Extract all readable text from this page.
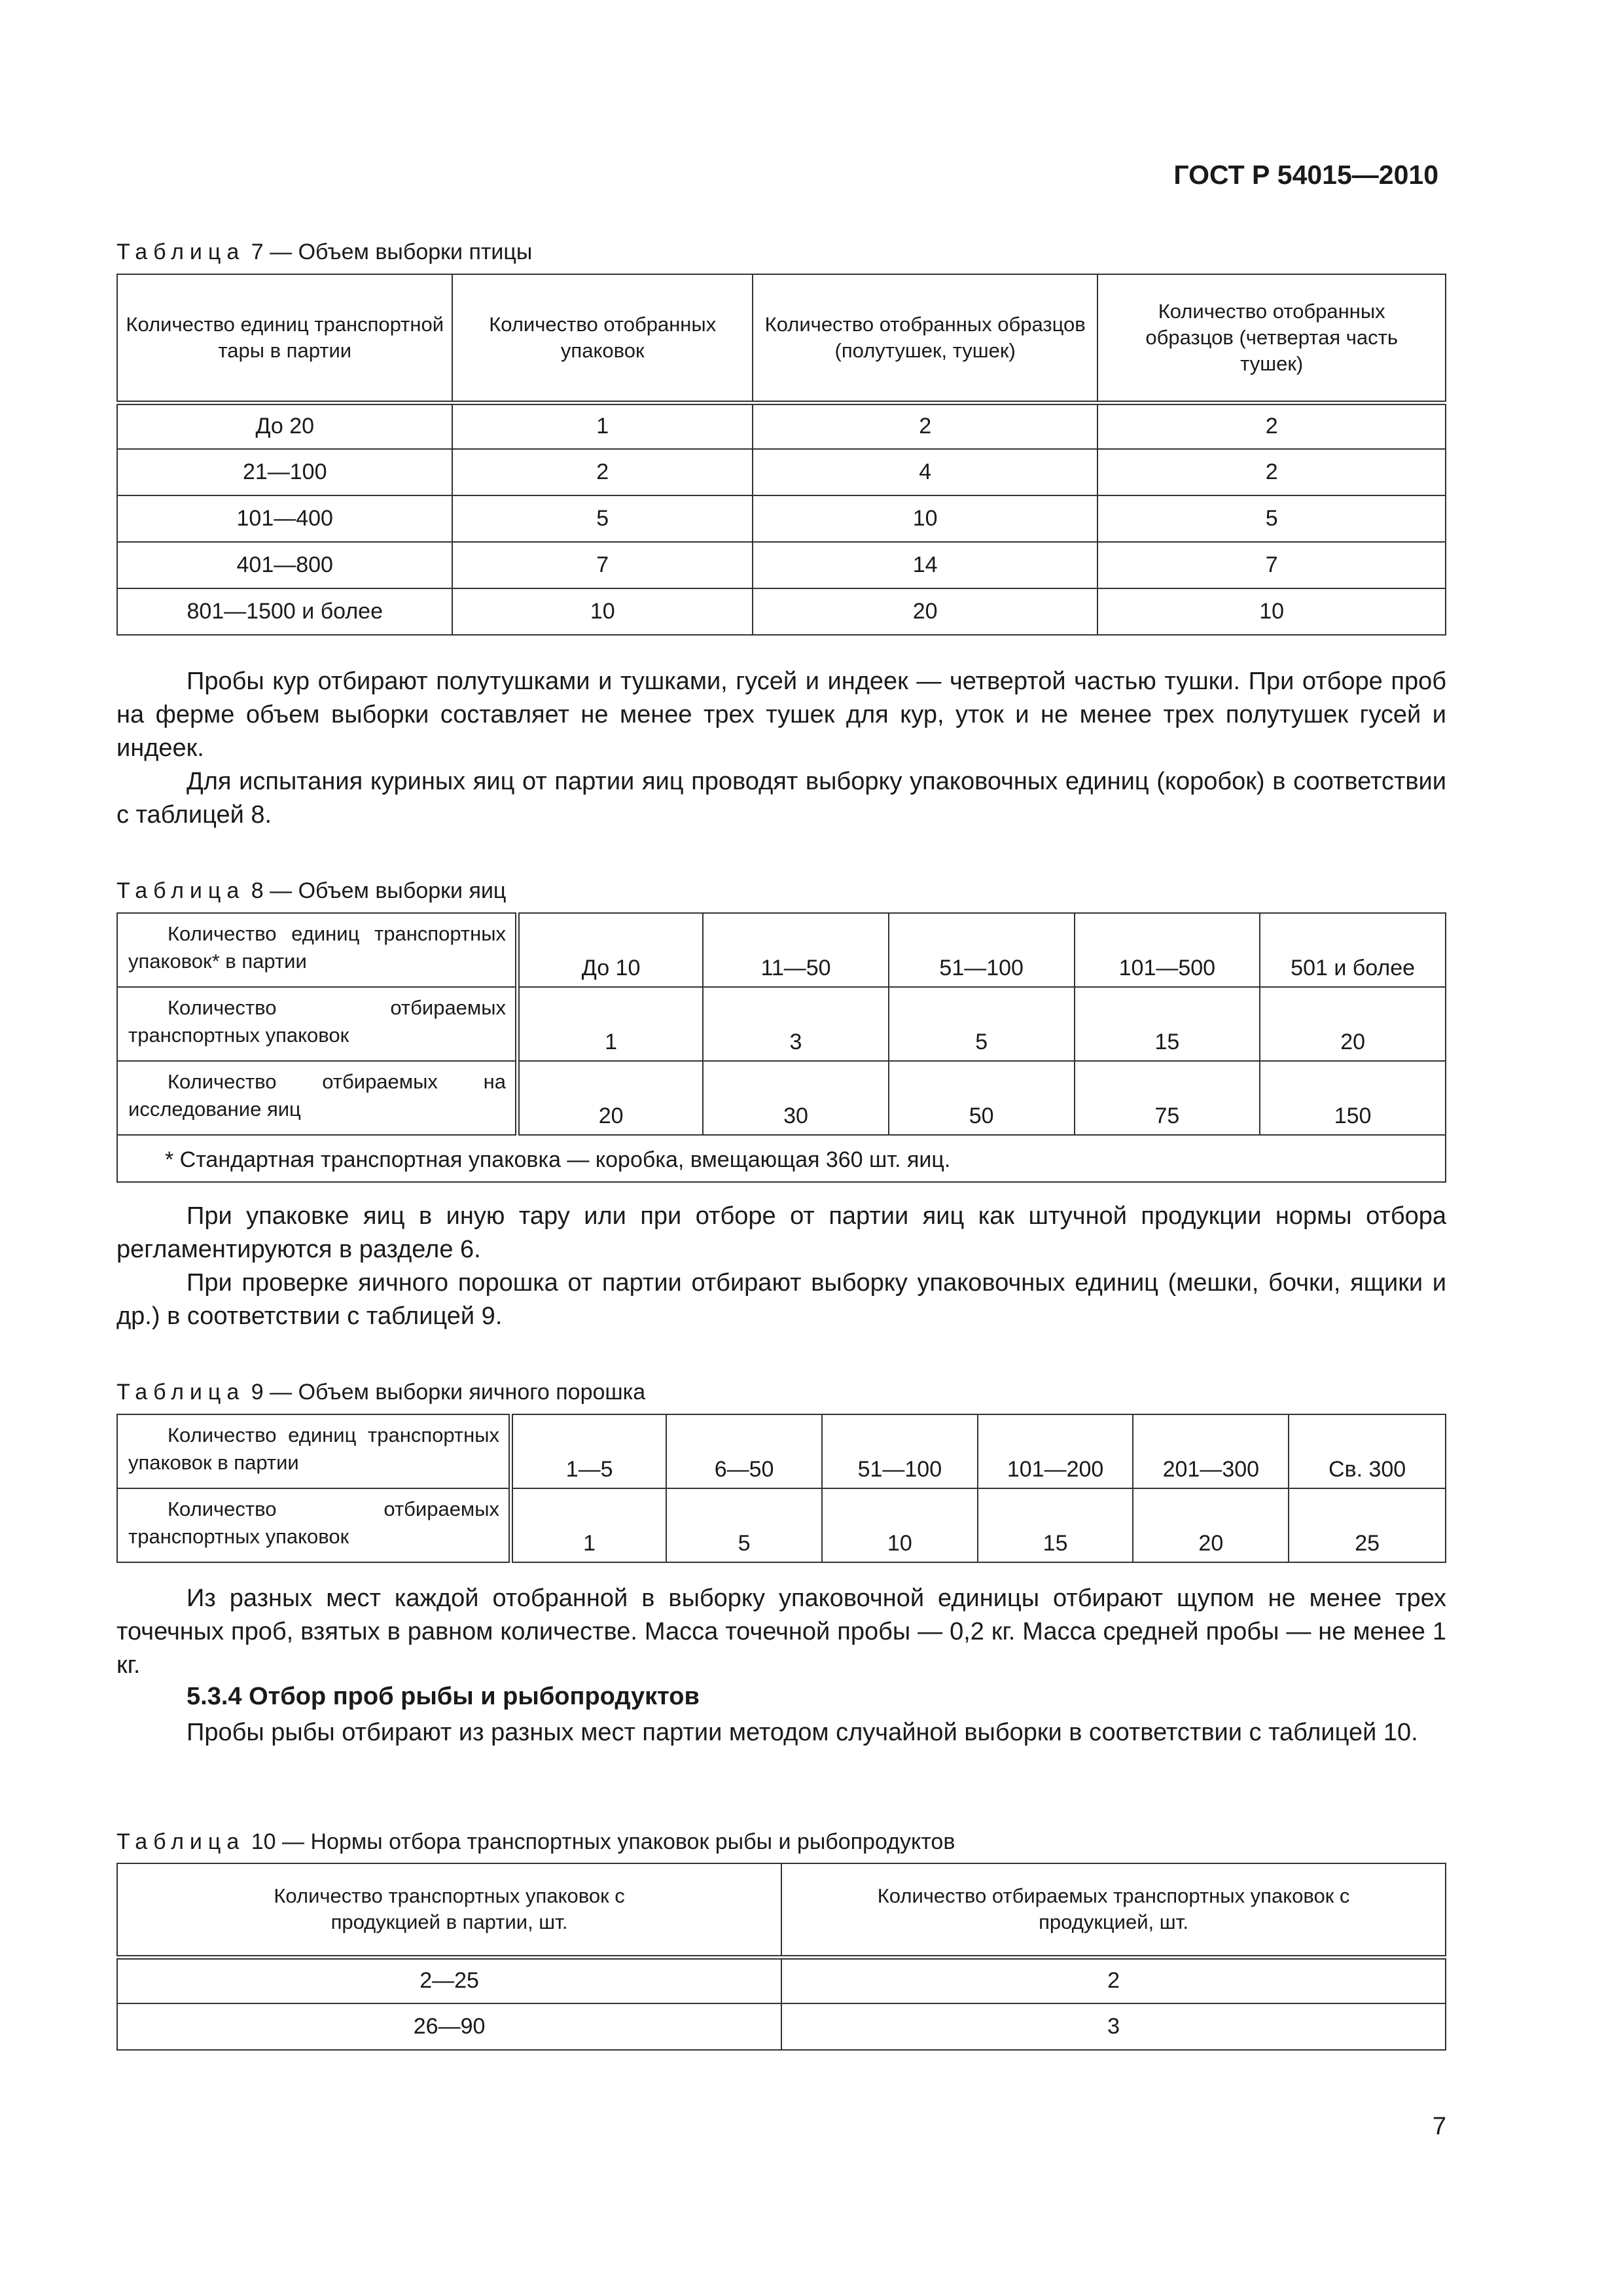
ГОСТ Р 54015—2010
Таблица 7 — Объем выборки птицы
Количество единиц транспортной тары в партии	Количество отобранных упаковок	Количество отобранных образцов (полутушек, тушек)	Количество отобранных образцов (четвертая часть тушек)
До 20	1	2	2
21—100	2	4	2
101—400	5	10	5
401—800	7	14	7
801—1500 и более	10	20	10

Пробы кур отбирают полутушками и тушками, гусей и индеек — четвертой частью тушки. При отборе проб на ферме объем выборки составляет не менее трех тушек для кур, уток и не менее трех полутушек гусей и индеек.

Для испытания куриных яиц от партии яиц проводят выборку упаковочных единиц (коробок) в соответствии с таблицей 8.

Таблица 8 — Объем выборки яиц
Количество единиц транспортных упаковок* в партии	До 10	11—50	51—100	101—500	501 и более
Количество отбираемых транспортных упаковок	1	3	5	15	20
Количество отбираемых на исследование яиц	20	30	50	75	150
* Стандартная транспортная упаковка — коробка, вмещающая 360 шт. яиц.					

При упаковке яиц в иную тару или при отборе от партии яиц как штучной продукции нормы отбора регламентируются в разделе 6.

При проверке яичного порошка от партии отбирают выборку упаковочных единиц (мешки, бочки, ящики и др.) в соответствии с таблицей 9.

Таблица 9 — Объем выборки яичного порошка
Количество единиц транспортных упаковок в партии	1—5	6—50	51—100	101—200	201—300	Св. 300
Количество отбираемых транспортных упаковок	1	5	10	15	20	25

Из разных мест каждой отобранной в выборку упаковочной единицы отбирают щупом не менее трех точечных проб, взятых в равном количестве. Масса точечной пробы — 0,2 кг. Масса средней пробы — не менее 1 кг.

5.3.4 Отбор проб рыбы и рыбопродуктов

Пробы рыбы отбирают из разных мест партии методом случайной выборки в соответствии с таблицей 10.

Таблица 10 — Нормы отбора транспортных упаковок рыбы и рыбопродуктов
Количество транспортных упаковок с продукцией в партии, шт.	Количество отбираемых транспортных упаковок с продукцией, шт.
2—25	2
26—90	3
7
